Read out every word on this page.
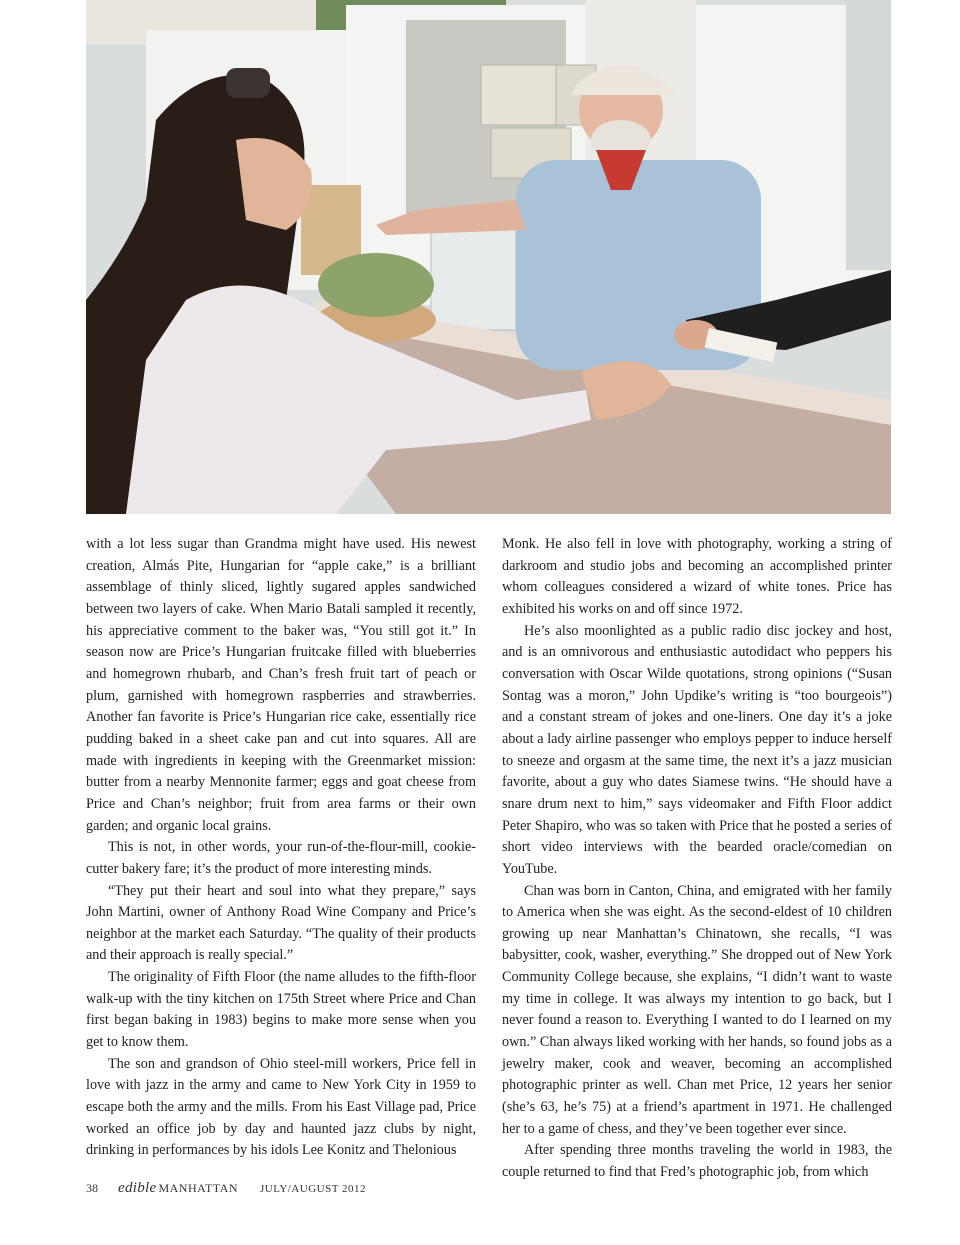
with a lot less sugar than Grandma might have used. His newest creation, Almás Pite, Hungarian for “apple cake,” is a brilliant assemblage of thinly sliced, lightly sugared apples sandwiched between two layers of cake. When Mario Batali sampled it recently, his appreciative comment to the baker was, “You still got it.” In season now are Price’s Hungarian fruitcake filled with blueberries and homegrown rhubarb, and Chan’s fresh fruit tart of peach or plum, garnished with homegrown raspberries and strawberries. Another fan favorite is Price’s Hungarian rice cake, essentially rice pudding baked in a sheet cake pan and cut into squares. All are made with ingredients in keeping with the Greenmarket mission: butter from a nearby Mennonite farmer; eggs and goat cheese from Price and Chan’s neighbor; fruit from area farms or their own garden; and organic local grains.

This is not, in other words, your run-of-the-flour-mill, cookie-cutter bakery fare; it’s the product of more interesting minds.

“They put their heart and soul into what they prepare,” says John Martini, owner of Anthony Road Wine Company and Price’s neighbor at the market each Saturday. “The quality of their products and their approach is really special.”

The originality of Fifth Floor (the name alludes to the fifth-floor walk-up with the tiny kitchen on 175th Street where Price and Chan first began baking in 1983) begins to make more sense when you get to know them.

The son and grandson of Ohio steel-mill workers, Price fell in love with jazz in the army and came to New York City in 1959 to escape both the army and the mills. From his East Village pad, Price worked an office job by day and haunted jazz clubs by night, drinking in performances by his idols Lee Konitz and Thelonious

Monk. He also fell in love with photography, working a string of darkroom and studio jobs and becoming an accomplished printer whom colleagues considered a wizard of white tones. Price has exhibited his works on and off since 1972.

He’s also moonlighted as a public radio disc jockey and host, and is an omnivorous and enthusiastic autodidact who peppers his conversation with Oscar Wilde quotations, strong opinions (“Susan Sontag was a moron,” John Updike’s writing is “too bourgeois”) and a constant stream of jokes and one-liners. One day it’s a joke about a lady airline passenger who employs pepper to induce herself to sneeze and orgasm at the same time, the next it’s a jazz musician favorite, about a guy who dates Siamese twins. “He should have a snare drum next to him,” says videomaker and Fifth Floor addict Peter Shapiro, who was so taken with Price that he posted a series of short video interviews with the bearded oracle/comedian on YouTube.

Chan was born in Canton, China, and emigrated with her family to America when she was eight. As the second-eldest of 10 children growing up near Manhattan’s Chinatown, she recalls, “I was babysitter, cook, washer, everything.” She dropped out of New York Community College because, she explains, “I didn’t want to waste my time in college. It was always my intention to go back, but I never found a reason to. Everything I wanted to do I learned on my own.” Chan always liked working with her hands, so found jobs as a jewelry maker, cook and weaver, becoming an accomplished photographic printer as well. Chan met Price, 12 years her senior (she’s 63, he’s 75) at a friend’s apartment in 1971. He challenged her to a game of chess, and they’ve been together ever since.

After spending three months traveling the world in 1983, the couple returned to find that Fred’s photographic job, from which

38 edible MANHATTAN JULY/AUGUST 2012
